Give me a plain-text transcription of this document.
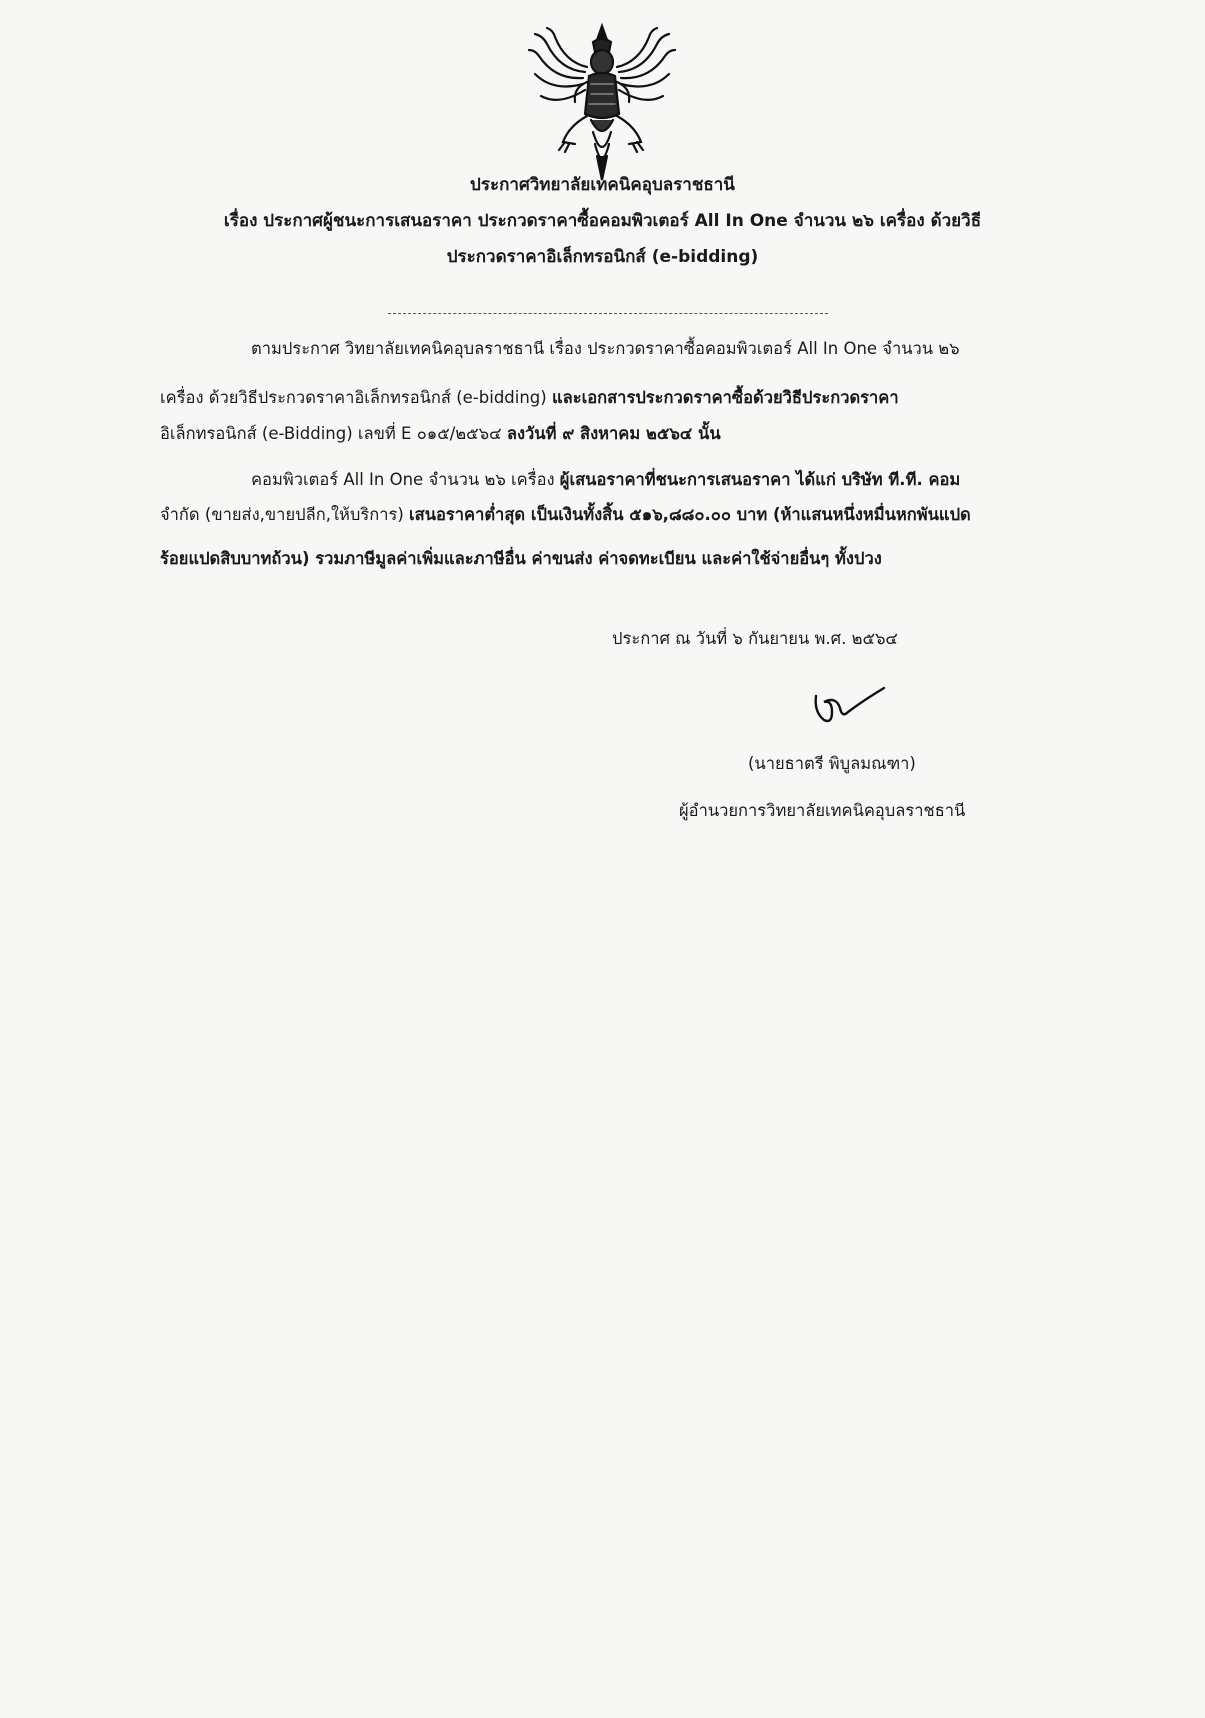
ประกาศวิทยาลัยเทคนิคอุบลราชธานี
เรื่อง ประกาศผู้ชนะการเสนอราคา ประกวดราคาซื้อคอมพิวเตอร์ All In One จำนวน ๒๖ เครื่อง ด้วยวิธี
ประกวดราคาอิเล็กทรอนิกส์ (e-bidding)
ตามประกาศ วิทยาลัยเทคนิคอุบลราชธานี เรื่อง ประกวดราคาซื้อคอมพิวเตอร์ All In One จำนวน ๒๖
เครื่อง ด้วยวิธีประกวดราคาอิเล็กทรอนิกส์ (e-bidding) และเอกสารประกวดราคาซื้อด้วยวิธีประกวดราคา
อิเล็กทรอนิกส์ (e-Bidding) เลขที่ E ๐๑๕/๒๕๖๔ ลงวันที่ ๙ สิงหาคม ๒๕๖๔ นั้น
คอมพิวเตอร์ All In One จำนวน ๒๖ เครื่อง ผู้เสนอราคาที่ชนะการเสนอราคา ได้แก่ บริษัท ที.ที. คอม
จำกัด (ขายส่ง,ขายปลีก,ให้บริการ) เสนอราคาต่ำสุด เป็นเงินทั้งสิ้น ๕๑๖,๘๘๐.๐๐ บาท (ห้าแสนหนึ่งหมื่นหกพันแปด
ร้อยแปดสิบบาทถ้วน) รวมภาษีมูลค่าเพิ่มและภาษีอื่น ค่าขนส่ง ค่าจดทะเบียน และค่าใช้จ่ายอื่นๆ ทั้งปวง
ประกาศ ณ วันที่ ๖ กันยายน พ.ศ. ๒๕๖๔
(นายธาตรี พิบูลมณฑา)
ผู้อำนวยการวิทยาลัยเทคนิคอุบลราชธานี
